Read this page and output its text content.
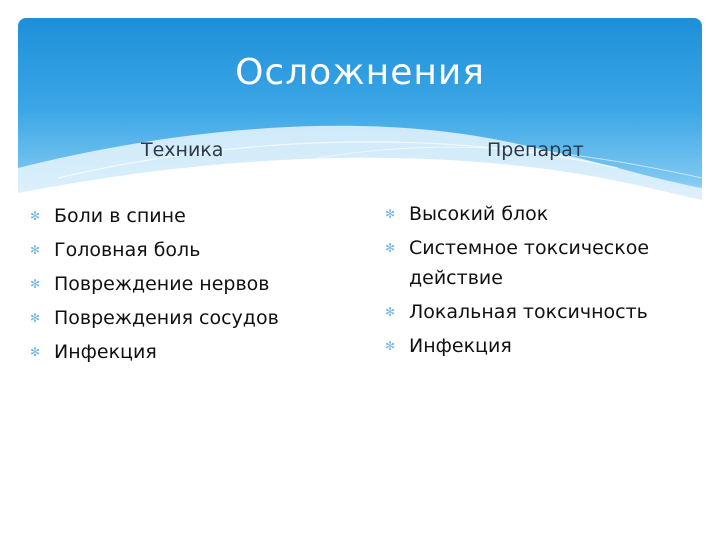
Осложнения
Техника	Препарат
✻ Боли в спине
✻ Головная боль
✻ Повреждение нервов
✻ Повреждения сосудов
✻ Инфекция
✻ Высокий блок
✻ Системное токсическое действие
✻ Локальная токсичность
✻ Инфекция
